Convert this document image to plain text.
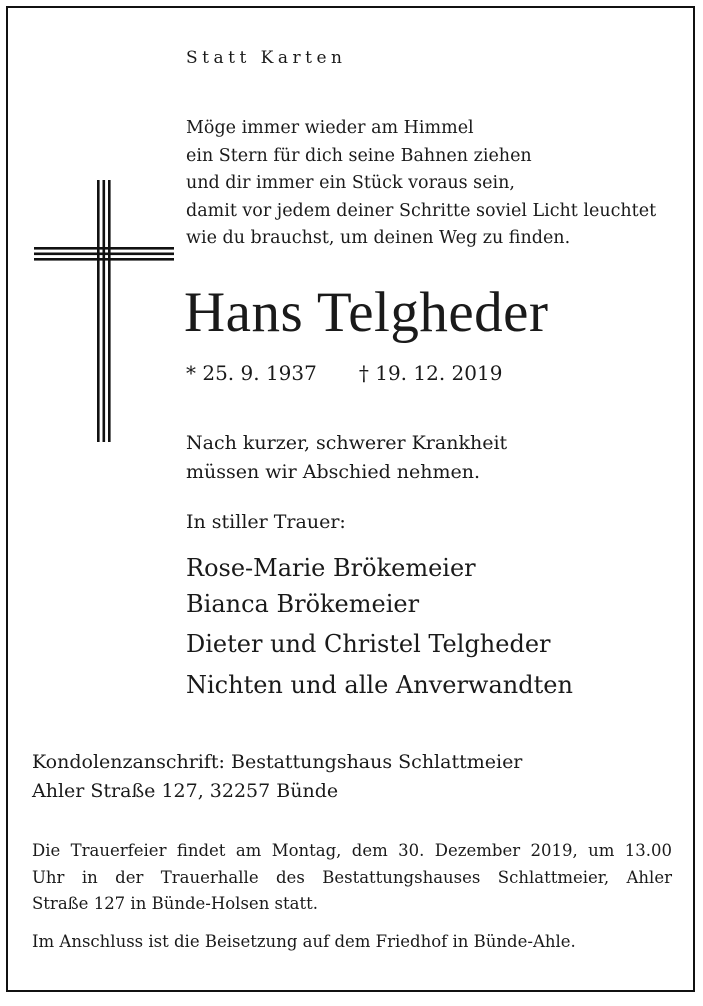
Statt Karten
Möge immer wieder am Himmel
ein Stern für dich seine Bahnen ziehen
und dir immer ein Stück voraus sein,
damit vor jedem deiner Schritte soviel Licht leuchtet
wie du brauchst, um deinen Weg zu finden.
Hans Telgheder
* 25. 9. 1937 † 19. 12. 2019
Nach kurzer, schwerer Krankheit
müssen wir Abschied nehmen.
In stiller Trauer:
Rose-Marie Brökemeier
Bianca Brökemeier
Dieter und Christel Telgheder
Nichten und alle Anverwandten
Kondolenzanschrift: Bestattungshaus Schlattmeier
Ahler Straße 127, 32257 Bünde
Die Trauerfeier findet am Montag, dem 30. Dezember 2019, um 13.00
Uhr in der Trauerhalle des Bestattungshauses Schlattmeier, Ahler
Straße 127 in Bünde-Holsen statt.
Im Anschluss ist die Beisetzung auf dem Friedhof in Bünde-Ahle.
